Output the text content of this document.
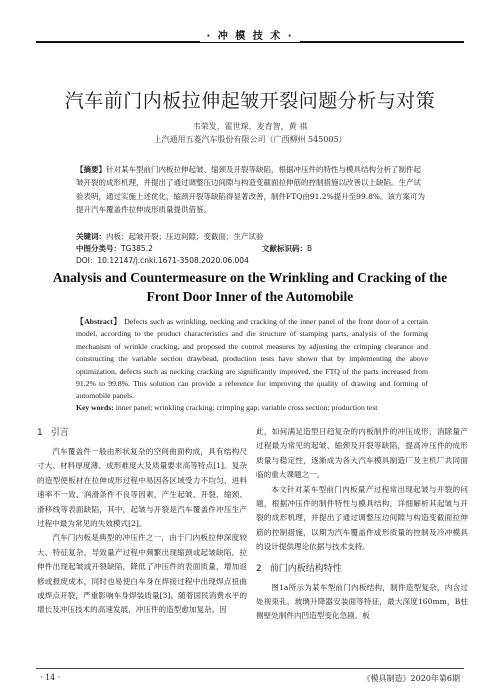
· 冲 模 技 术 ·
汽车前门内板拉伸起皱开裂问题分析与对策
韦荣发，霍世琛，麦育智，黄 祺
上汽通用五菱汽车股份有限公司（广西柳州 545005）
【摘要】针对某车型前门内板拉伸起皱、缩颈及开裂等缺陷，根据冲压件的特性与模具结构分析了制件起皱开裂的成形机理，并提出了通过调整压边间隙与构造变截面拉伸筋的控制措施以改善以上缺陷。生产试验表明，通过实施上述优化，缩颈开裂等缺陷得显著改善，制件FTQ由91.2%提升至99.8%。该方案可为提升汽车覆盖件拉伸成形质量提供借鉴。
关键词：内板；起皱开裂；压边间隙；变截面；生产试验
中图分类号：TG385.2	文献标识码：B
DOI：10.12147/j.cnki.1671-3508.2020.06.004
Analysis and Countermeasure on the Wrinkling and Cracking of the Front Door Inner of the Automobile
【Abstract】 Defects such as wrinkling, necking and cracking of the inner panel of the front door of a certain model, according to the product characteristics and die structure of stamping parts, analysis of the forming mechanism of wrinkle cracking, and proposed the control measures by adjusting the crimping clearance and constructing the variable section drawbead, production tests have shown that by implementing the above optimization, defects such as necking cracking are significantly improved, the FTQ of the parts increased from 91.2% to 99.8%. This solution can provide a reference for improving the quality of drawing and forming of automobile panels.
Key words: inner panel; wrinkling cracking; crimping gap; variable cross section; production test
1 引言

汽车覆盖件一般由形状复杂的空间曲面构成，具有结构尺寸大、材料厚度薄、成形难度大及质量要求高等特点[1]。复杂的造型使板材在拉伸成形过程中易因各区域受力不均匀、进料速率不一致、润滑条件不良等因素，产生起皱、开裂、缩颈、滑移线等表面缺陷，其中，起皱与开裂是汽车覆盖件冲压生产过程中最为常见的失效模式[2]。

汽车门内板是典型的冲压件之一，由于门内板拉伸深度较大、特征复杂，导致量产过程中频繁出现缩颈或起皱缺陷。拉伸件出现起皱或开裂缺陷，降低了冲压件的表面质量，增加返修或报废成本，同时也易使白车身在焊接过程中出现焊点扭曲或焊点开裂，严重影响车身焊装质量[3]。随着国民消费水平的增长及冲压技术的高速发展，冲压件的造型愈加复杂。因

此，如何满足造型日趋复杂的内板制件的冲压成形，消除量产过程最为常见的起皱、缩颈及开裂等缺陷，提高冲压件的成形质量与稳定性，逐渐成为各大汽车模具制造厂及主机厂共同面临的重大课题之一。

本文针对某车型前门内板量产过程常出现起皱与开裂的问题，根据冲压件的制件特性与模具结构，详细解析其起皱与开裂的成形机理，并提出了通过调整压边间隙与构造变截面拉伸筋的控制措施，以期为汽车覆盖件成形质量的控制及冷冲模具的设计提供理论依据与技术支持。

2 前门内板结构特性

图1a所示为某车型前门内板结构，制件造型复杂，内含过处视束孔，玻璃升降器安装面等特征，最大深度160mm，B柱侧壁处制件内凹造型变化急剧。板

· 14 ·	《模具制造》2020年第6期
